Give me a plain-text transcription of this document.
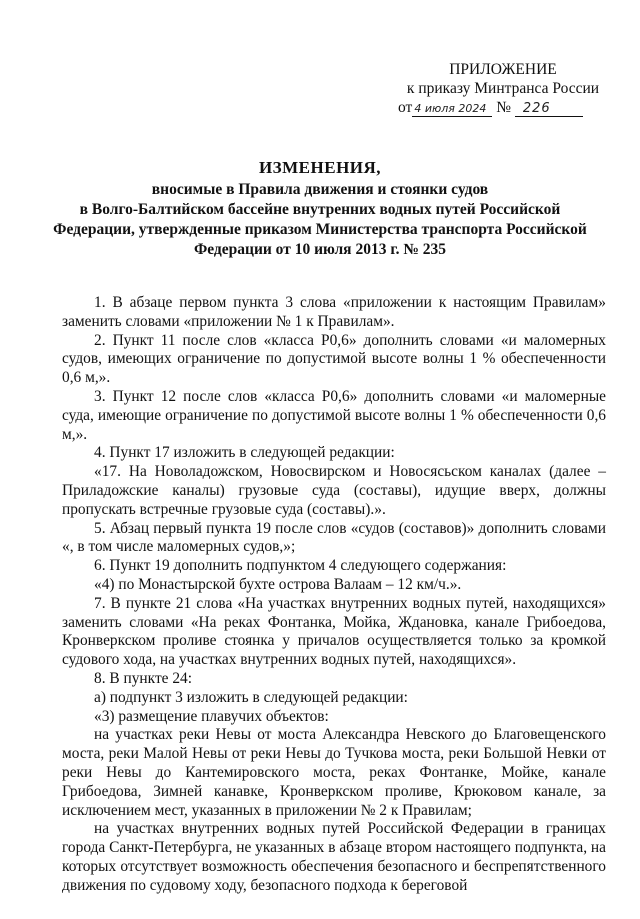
ПРИЛОЖЕНИЕ
к приказу Минтранса России
от 4 июля 2024 № 226
ИЗМЕНЕНИЯ,
вносимые в Правила движения и стоянки судов
в Волго-Балтийском бассейне внутренних водных путей Российской
Федерации, утвержденные приказом Министерства транспорта Российской
Федерации от 10 июля 2013 г. № 235

1. В абзаце первом пункта 3 слова «приложении к настоящим Правилам» заменить словами «приложении № 1 к Правилам».

2. Пункт 11 после слов «класса Р0,6» дополнить словами «и маломерных судов, имеющих ограничение по допустимой высоте волны 1 % обеспеченности 0,6 м,».

3. Пункт 12 после слов «класса Р0,6» дополнить словами «и маломерные суда, имеющие ограничение по допустимой высоте волны 1 % обеспеченности 0,6 м,».

4. Пункт 17 изложить в следующей редакции:

«17. На Новоладожском, Новосвирском и Новосясьском каналах (далее – Приладожские каналы) грузовые суда (составы), идущие вверх, должны пропускать встречные грузовые суда (составы).».

5. Абзац первый пункта 19 после слов «судов (составов)» дополнить словами «, в том числе маломерных судов,»;

6. Пункт 19 дополнить подпунктом 4 следующего содержания:

«4) по Монастырской бухте острова Валаам – 12 км/ч.».

7. В пункте 21 слова «На участках внутренних водных путей, находящихся» заменить словами «На реках Фонтанка, Мойка, Ждановка, канале Грибоедова, Кронверкском проливе стоянка у причалов осуществляется только за кромкой судового хода, на участках внутренних водных путей, находящихся».

8. В пункте 24:

а) подпункт 3 изложить в следующей редакции:

«3) размещение плавучих объектов:

на участках реки Невы от моста Александра Невского до Благовещенского моста, реки Малой Невы от реки Невы до Тучкова моста, реки Большой Невки от реки Невы до Кантемировского моста, реках Фонтанке, Мойке, канале Грибоедова, Зимней канавке, Кронверкском проливе, Крюковом канале, за исключением мест, указанных в приложении № 2 к Правилам;

на участках внутренних водных путей Российской Федерации в границах города Санкт-Петербурга, не указанных в абзаце втором настоящего подпункта, на которых отсутствует возможность обеспечения безопасного и беспрепятственного движения по судовому ходу, безопасного подхода к береговой
